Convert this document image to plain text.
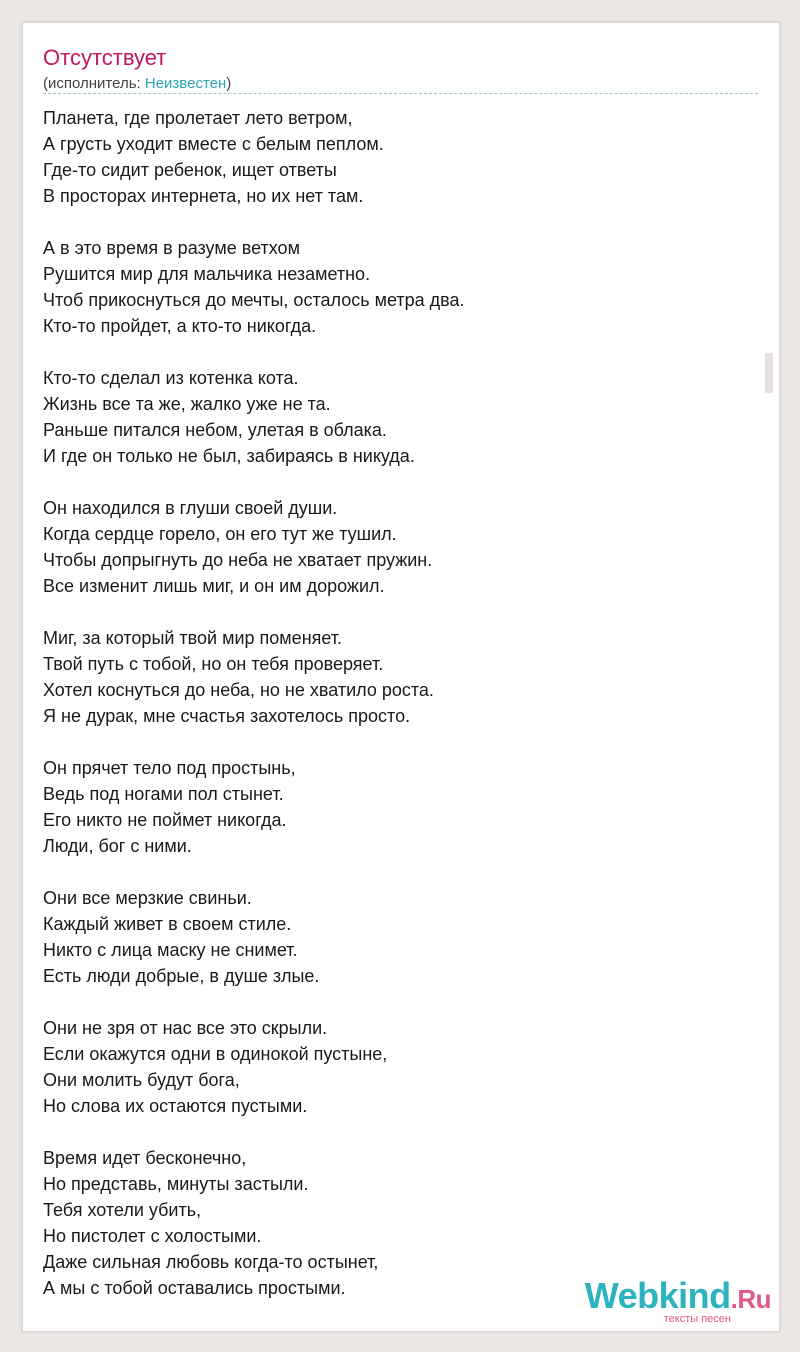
Отсутствует
(исполнитель: Неизвестен)
Планета, где пролетает лето ветром,
А грусть уходит вместе с белым пеплом.
Где-то сидит ребенок, ищет ответы
В просторах интернета, но их нет там.
А в это время в разуме ветхом
Рушится мир для мальчика незаметно.
Чтоб прикоснуться до мечты, осталось метра два.
Кто-то пройдет, а кто-то никогда.
Кто-то сделал из котенка кота.
Жизнь все та же, жалко уже не та.
Раньше питался небом, улетая в облака.
И где он только не был, забираясь в никуда.
Он находился в глуши своей души.
Когда сердце горело, он его тут же тушил.
Чтобы допрыгнуть до неба не хватает пружин.
Все изменит лишь миг, и он им дорожил.
Миг, за который твой мир поменяет.
Твой путь с тобой, но он тебя проверяет.
Хотел коснуться до неба, но не хватило роста.
Я не дурак, мне счастья захотелось просто.
Он прячет тело под простынь,
Ведь под ногами пол стынет.
Его никто не поймет никогда.
Люди, бог с ними.
Они все мерзкие свиньи.
Каждый живет в своем стиле.
Никто с лица маску не снимет.
Есть люди добрые, в душе злые.
Они не зря от нас все это скрыли.
Если окажутся одни в одинокой пустыне,
Они молить будут бога,
Но слова их остаются пустыми.
Время идет бесконечно,
Но представь, минуты застыли.
Тебя хотели убить,
Но пистолет с холостыми.
Даже сильная любовь когда-то остынет,
А мы с тобой оставались простыми.	Webkind.Ru
тексты песен
